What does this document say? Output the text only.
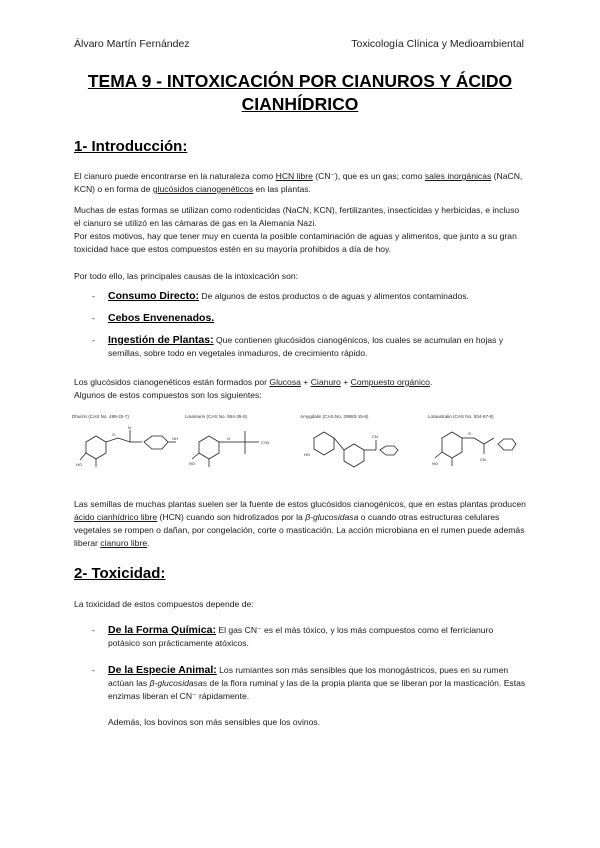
Álvaro Martín Fernández	Toxicología Clínica y Medioambiental
TEMA 9 - INTOXICACIÓN POR CIANUROS Y ÁCIDO CIANHÍDRICO
1- Introducción:
El cianuro puede encontrarse en la naturaleza como HCN libre (CN⁻), que es un gas; como sales inorgánicas (NaCN, KCN) o en forma de glucósidos cianogenéticos en las plantas.
Muchas de estas formas se utilizan como rodenticidas (NaCN, KCN), fertilizantes, insecticidas y herbicidas, e incluso el cianuro se utilizó en las cámaras de gas en la Alemania Nazi.
Por estos motivos, hay que tener muy en cuenta la posible contaminación de aguas y alimentos, que junto a su gran toxicidad hace que estos compuestos estén en su mayoría prohibidos a día de hoy.
Por todo ello, las principales causas de la intoxicación son:
- Consumo Directo: De algunos de estos productos o de aguas y alimentos contaminados.
- Cebos Envenenados.
- Ingestión de Plantas: Que contienen glucósidos cianogénicos, los cuales se acumulan en hojas y semillas, sobre todo en vegetales inmaduros, de crecimiento rápido.
Los glucósidos cianogenéticos están formados por Glucosa + Cianuro + Compuesto orgánico.
Algunos de estos compuestos son los siguientes:
Dhurrin (CAS No. 499-20-7)
O
N
OH
HO
Linamarin (CAS No. 554-35-8)
O
C≡N
HO
Amygdalin (CAS No. 29883-15-6)
CN
HO
Lotaustralin (CAS No. 534-67-8)
O
CN
HO
Las semillas de muchas plantas suelen ser la fuente de estos glucósidos cianogénicos, que en estas plantas producen ácido cianhídrico libre (HCN) cuando son hidrolizados por la β-glucosidasa o cuando otras estructuras celulares vegetales se rompen o dañan, por congelación, corte o masticación. La acción microbiana en el rumen puede además liberar cianuro libre.
2- Toxicidad:
La toxicidad de estos compuestos depende de:
- De la Forma Química: El gas CN⁻ es el más tóxico, y los más compuestos como el ferricianuro potásico son prácticamente atóxicos.
- De la Especie Animal: Los rumiantes son más sensibles que los monogástricos, pues en su rumen actúan las β-glucosidasas de la flora ruminal y las de la propia planta que se liberan por la masticación. Estas enzimas liberan el CN⁻ rápidamente.
Además, los bovinos son más sensibles que los ovinos.
